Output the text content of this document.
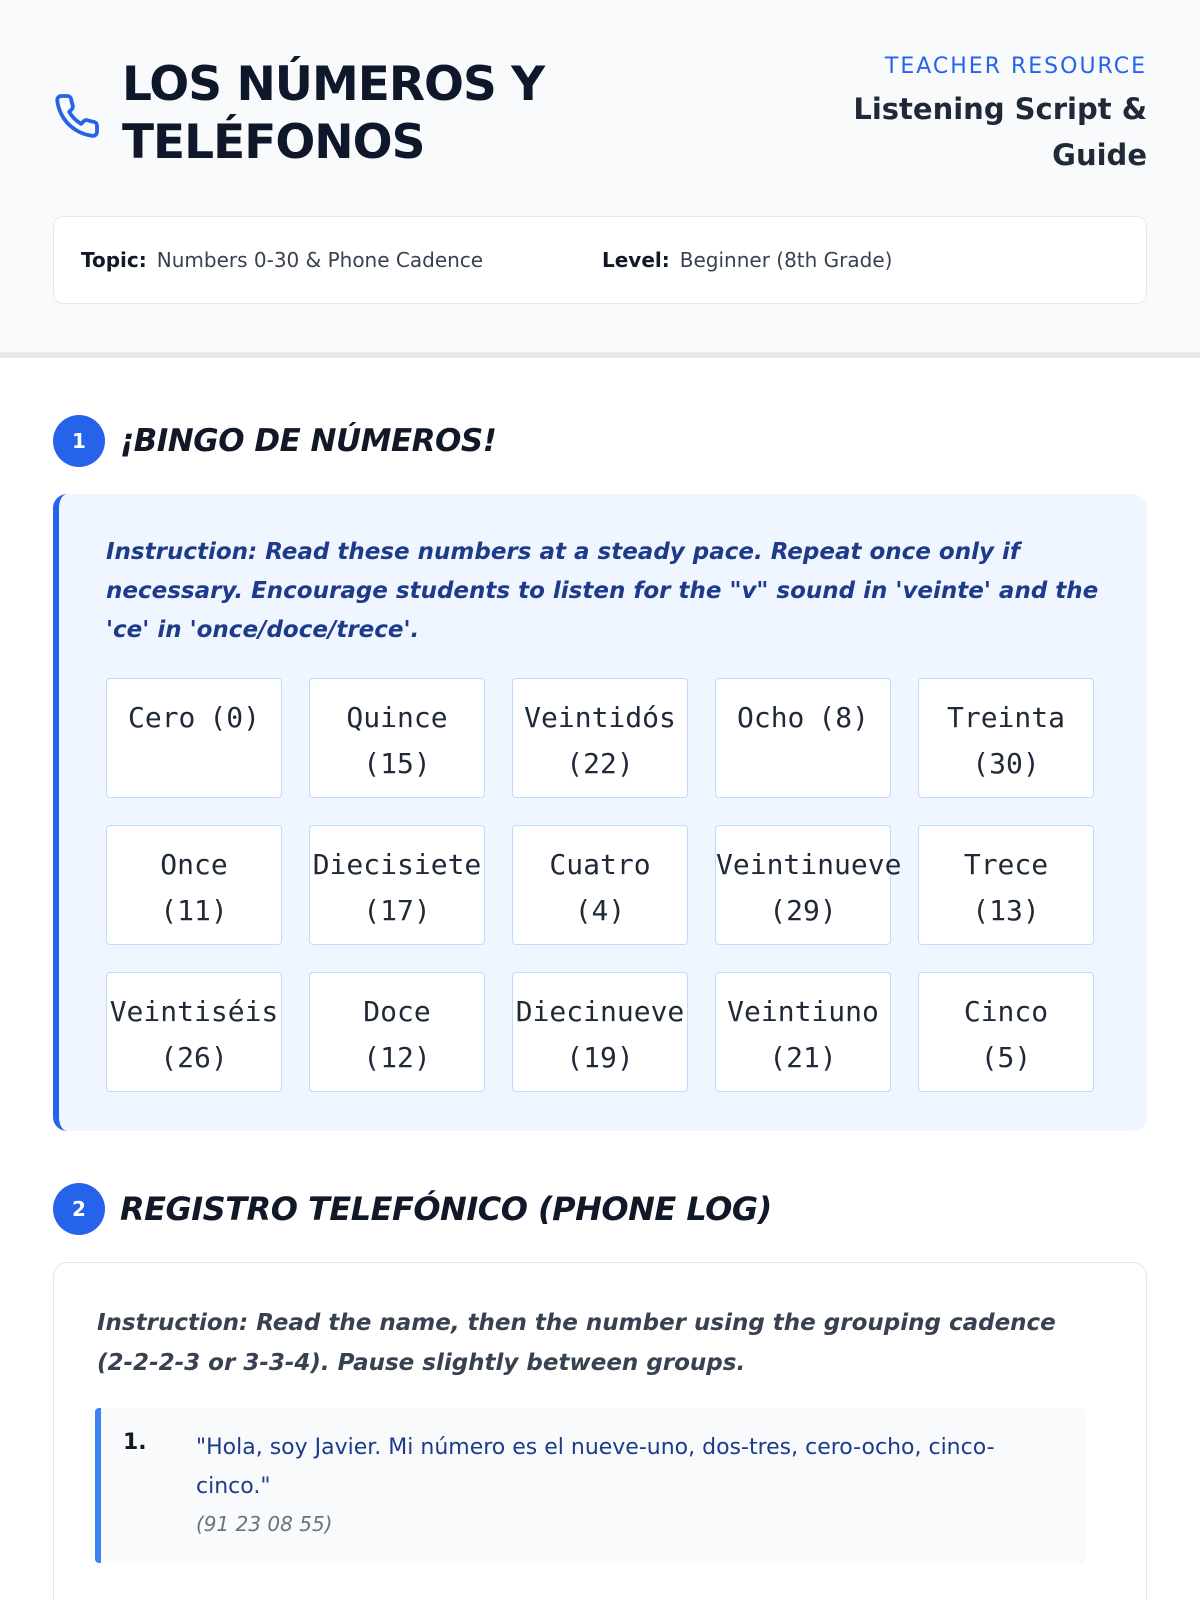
LOS NÚMEROS Y TELÉFONOS
TEACHER RESOURCE
Listening Script & Guide
Topic: Numbers 0-30 & Phone Cadence	Level: Beginner (8th Grade)
1	¡BINGO DE NÚMEROS!

Instruction: Read these numbers at a steady pace. Repeat once only if necessary. Encourage students to listen for the "v" sound in 'veinte' and the 'ce' in 'once/doce/trece'.

Cero (0)	Quince
(15)
Veintidós
(22)
Ocho (8)	Treinta
(30)
Once
(11)
Diecisiete
(17)
Cuatro
(4)
Veintinueve
(29)
Trece
(13)
Veintiséis
(26)
Doce
(12)
Diecinueve
(19)
Veintiuno
(21)
Cinco
(5)
2	REGISTRO TELEFÓNICO (PHONE LOG)

Instruction: Read the name, then the number using the grouping cadence (2-2-2-3 or 3-3-4). Pause slightly between groups.

1. "Hola, soy Javier. Mi número es el nueve-uno, dos-tres, cero-ocho, cinco-cinco."

(91 23 08 55)
